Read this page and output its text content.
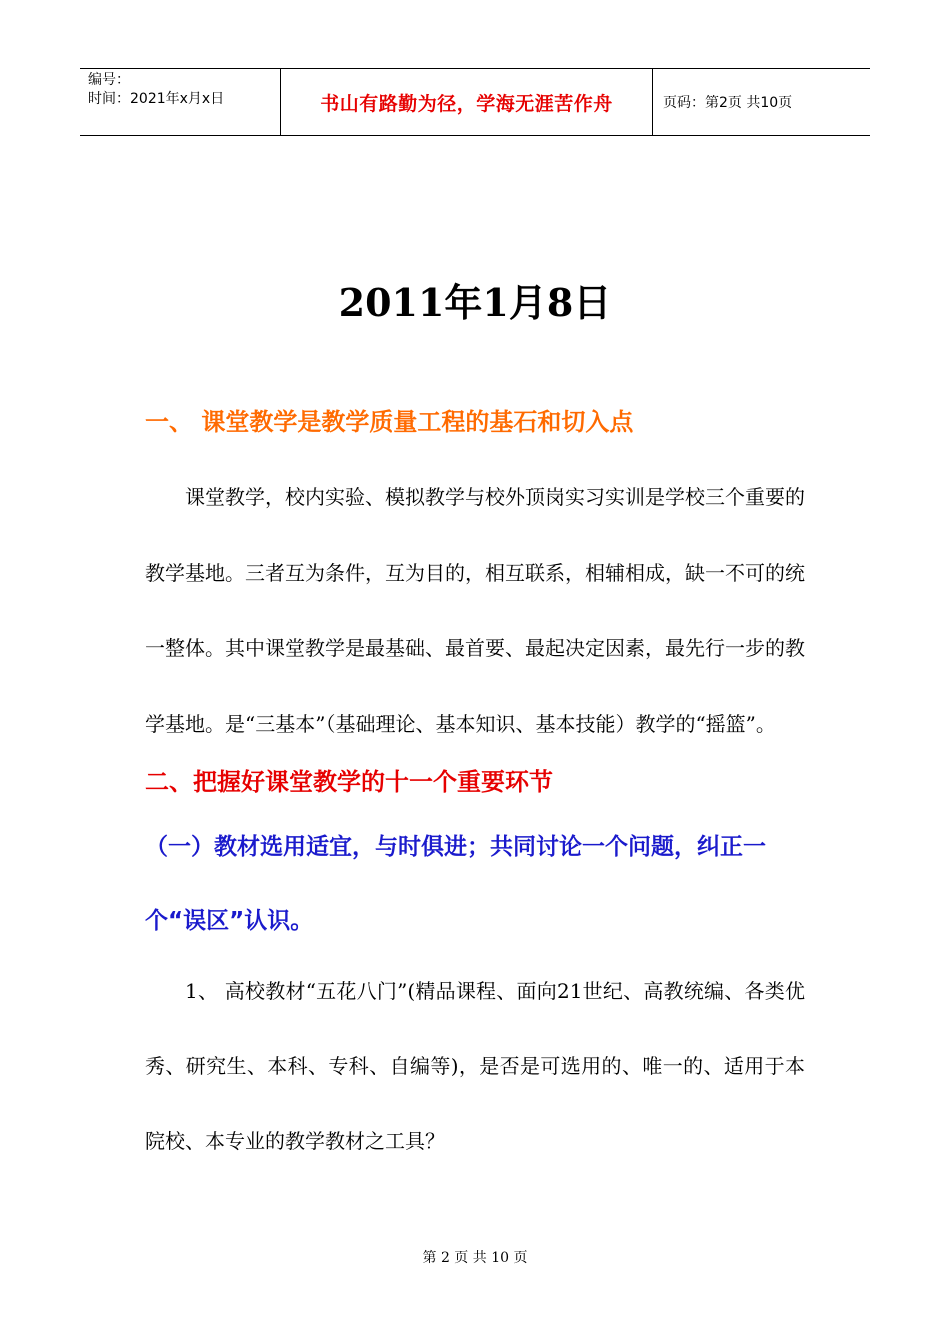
编号：
时间：2021年x月x日	书山有路勤为径，学海无涯苦作舟	页码：第2页 共10页
2011年1月8日

一、 课堂教学是教学质量工程的基石和切入点

课堂教学，校内实验、模拟教学与校外顶岗实习实训是学校三个重要的教学基地。三者互为条件，互为目的，相互联系，相辅相成，缺一不可的统一整体。其中课堂教学是最基础、最首要、最起决定因素，最先行一步的教学基地。是“三基本”（基础理论、基本知识、基本技能）教学的“摇篮”。

二、把握好课堂教学的十一个重要环节

（一）教材选用适宜，与时俱进；共同讨论一个问题，纠正一个“误区”认识。

1、 高校教材“五花八门”(精品课程、面向21世纪、高教统编、各类优秀、研究生、本科、专科、自编等)，是否是可选用的、唯一的、适用于本院校、本专业的教学教材之工具？

第 2 页 共 10 页
